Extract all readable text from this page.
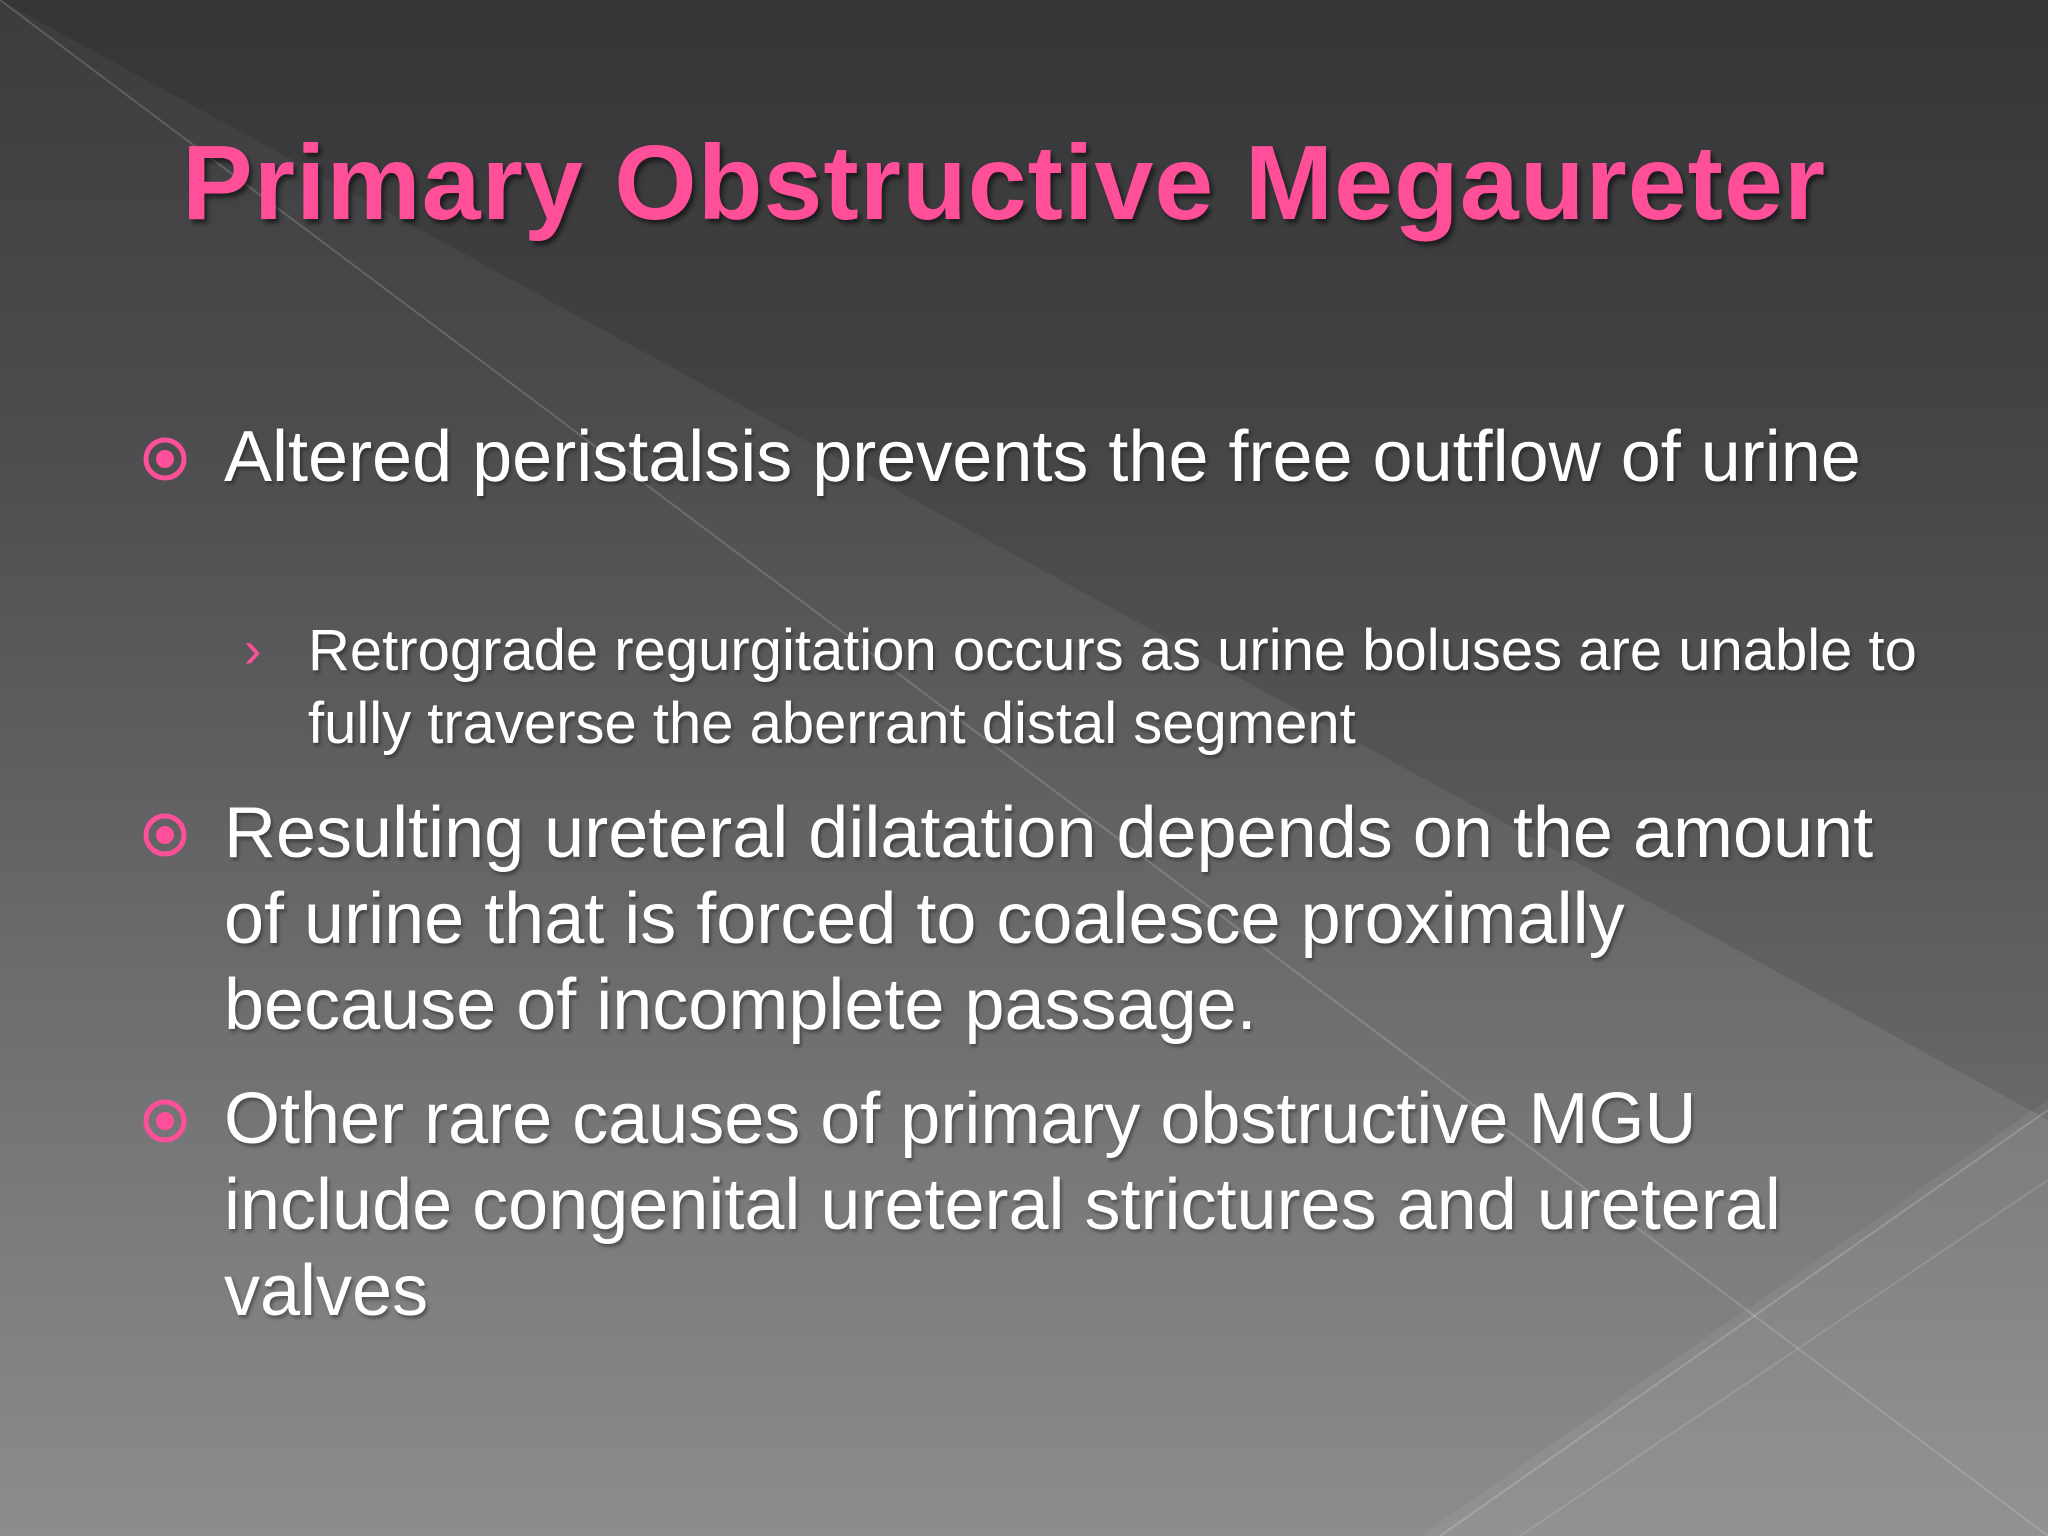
Primary Obstructive Megaureter
Altered peristalsis prevents the free outflow of urine
› Retrograde regurgitation occurs as urine boluses are unable to fully traverse the aberrant distal segment
Resulting ureteral dilatation depends on the amount of urine that is forced to coalesce proximally because of incomplete passage.
Other rare causes of primary obstructive MGU include congenital ureteral strictures and ureteral valves
